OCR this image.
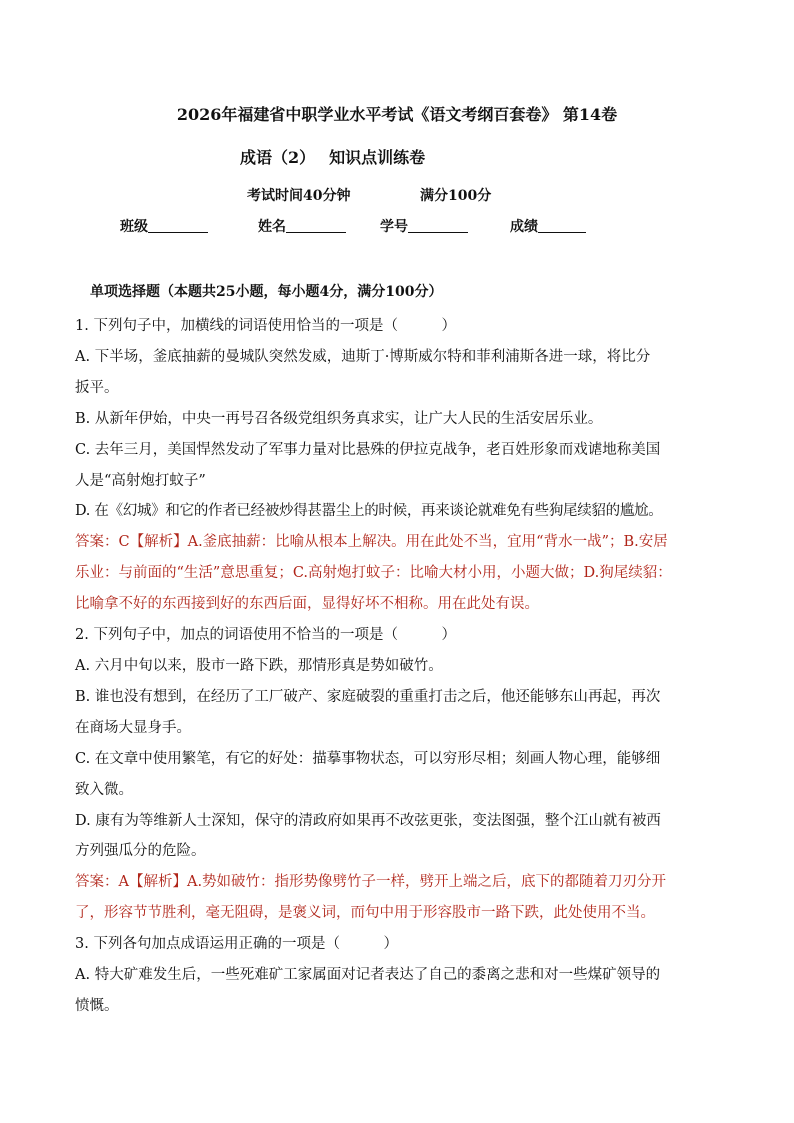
2026年福建省中职学业水平考试《语文考纲百套卷》 第14卷
成语（2） 知识点训练卷
考试时间40分钟	满分100分
班级	姓名	学号	成绩
单项选择题（本题共25小题，每小题4分，满分100分）

1. 下列句子中，加横线的词语使用恰当的一项是（　　　）

A. 下半场，釜底抽薪的曼城队突然发威，迪斯丁·博斯威尔特和菲利浦斯各进一球，将比分

扳平。

B. 从新年伊始，中央一再号召各级党组织务真求实，让广大人民的生活安居乐业。

C. 去年三月，美国悍然发动了军事力量对比悬殊的伊拉克战争，老百姓形象而戏谑地称美国

人是“高射炮打蚊子”

D. 在《幻城》和它的作者已经被炒得甚嚣尘上的时候，再来谈论就难免有些狗尾续貂的尴尬。

答案：C【解析】A.釜底抽薪：比喻从根本上解决。用在此处不当，宜用“背水一战”；B.安居

乐业：与前面的“生活”意思重复；C.高射炮打蚊子：比喻大材小用，小题大做；D.狗尾续貂：

比喻拿不好的东西接到好的东西后面，显得好坏不相称。用在此处有误。

2. 下列句子中，加点的词语使用不恰当的一项是（　　　）

A. 六月中旬以来，股市一路下跌，那情形真是势如破竹。

B. 谁也没有想到，在经历了工厂破产、家庭破裂的重重打击之后，他还能够东山再起，再次

在商场大显身手。

C. 在文章中使用繁笔，有它的好处：描摹事物状态，可以穷形尽相；刻画人物心理，能够细

致入微。

D. 康有为等维新人士深知，保守的清政府如果再不改弦更张，变法图强，整个江山就有被西

方列强瓜分的危险。

答案：A【解析】A.势如破竹：指形势像劈竹子一样，劈开上端之后，底下的都随着刀刃分开

了，形容节节胜利，毫无阻碍，是褒义词，而句中用于形容股市一路下跌，此处使用不当。

3. 下列各句加点成语运用正确的一项是（　　　）

A. 特大矿难发生后，一些死难矿工家属面对记者表达了自己的黍离之悲和对一些煤矿领导的

愤慨。
